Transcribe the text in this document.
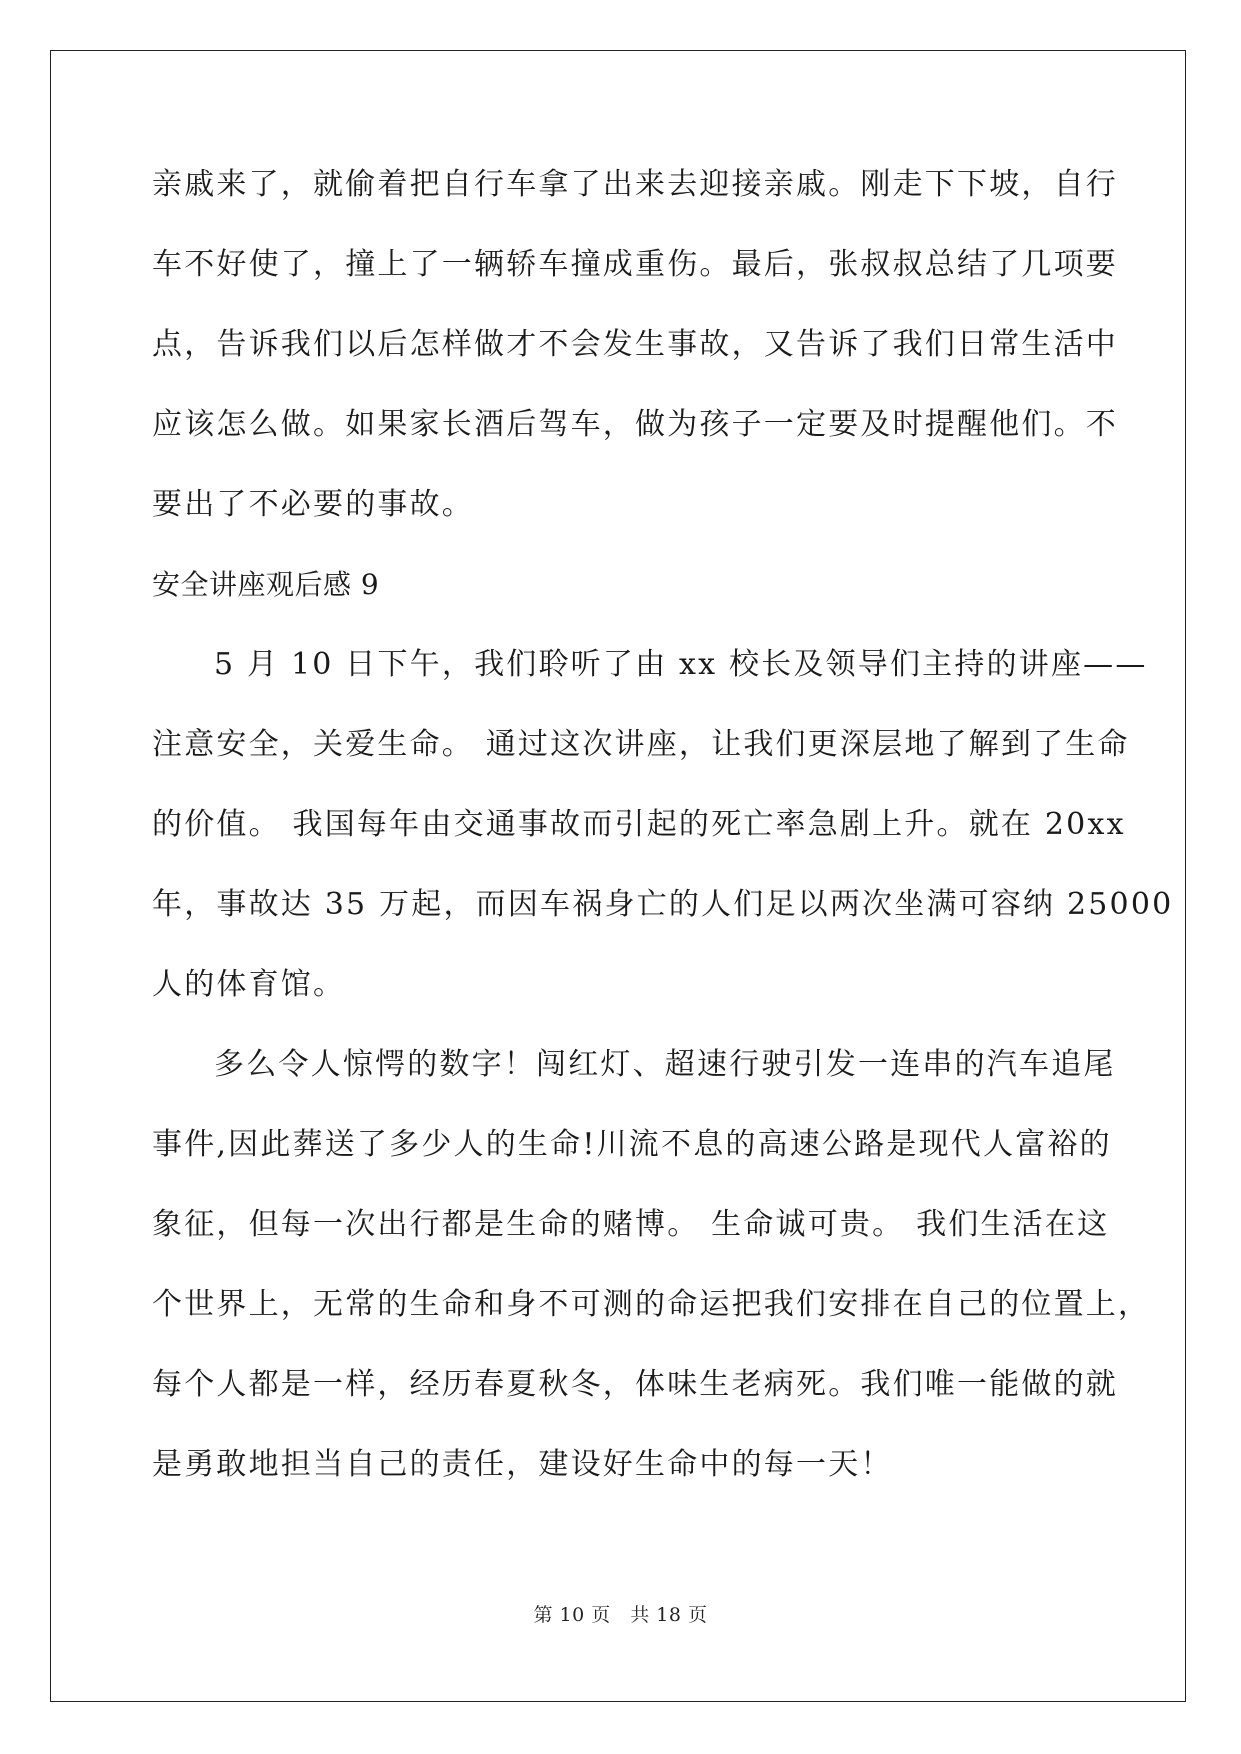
亲戚来了，就偷着把自行车拿了出来去迎接亲戚。刚走下下坡，自行
车不好使了，撞上了一辆轿车撞成重伤。最后，张叔叔总结了几项要
点，告诉我们以后怎样做才不会发生事故，又告诉了我们日常生活中
应该怎么做。如果家长酒后驾车，做为孩子一定要及时提醒他们。不
要出了不必要的事故。
安全讲座观后感 9
5 月 10 日下午，我们聆听了由 xx 校长及领导们主持的讲座——
注意安全，关爱生命。 通过这次讲座，让我们更深层地了解到了生命
的价值。 我国每年由交通事故而引起的死亡率急剧上升。就在 20xx
年，事故达 35 万起，而因车祸身亡的人们足以两次坐满可容纳 25000
人的体育馆。
多么令人惊愕的数字！闯红灯、超速行驶引发一连串的汽车追尾
事件,因此葬送了多少人的生命!川流不息的高速公路是现代人富裕的
象征，但每一次出行都是生命的赌博。 生命诚可贵。 我们生活在这
个世界上，无常的生命和身不可测的命运把我们安排在自己的位置上，
每个人都是一样，经历春夏秋冬，体味生老病死。我们唯一能做的就
是勇敢地担当自己的责任，建设好生命中的每一天！
第 10 页　共 18 页
